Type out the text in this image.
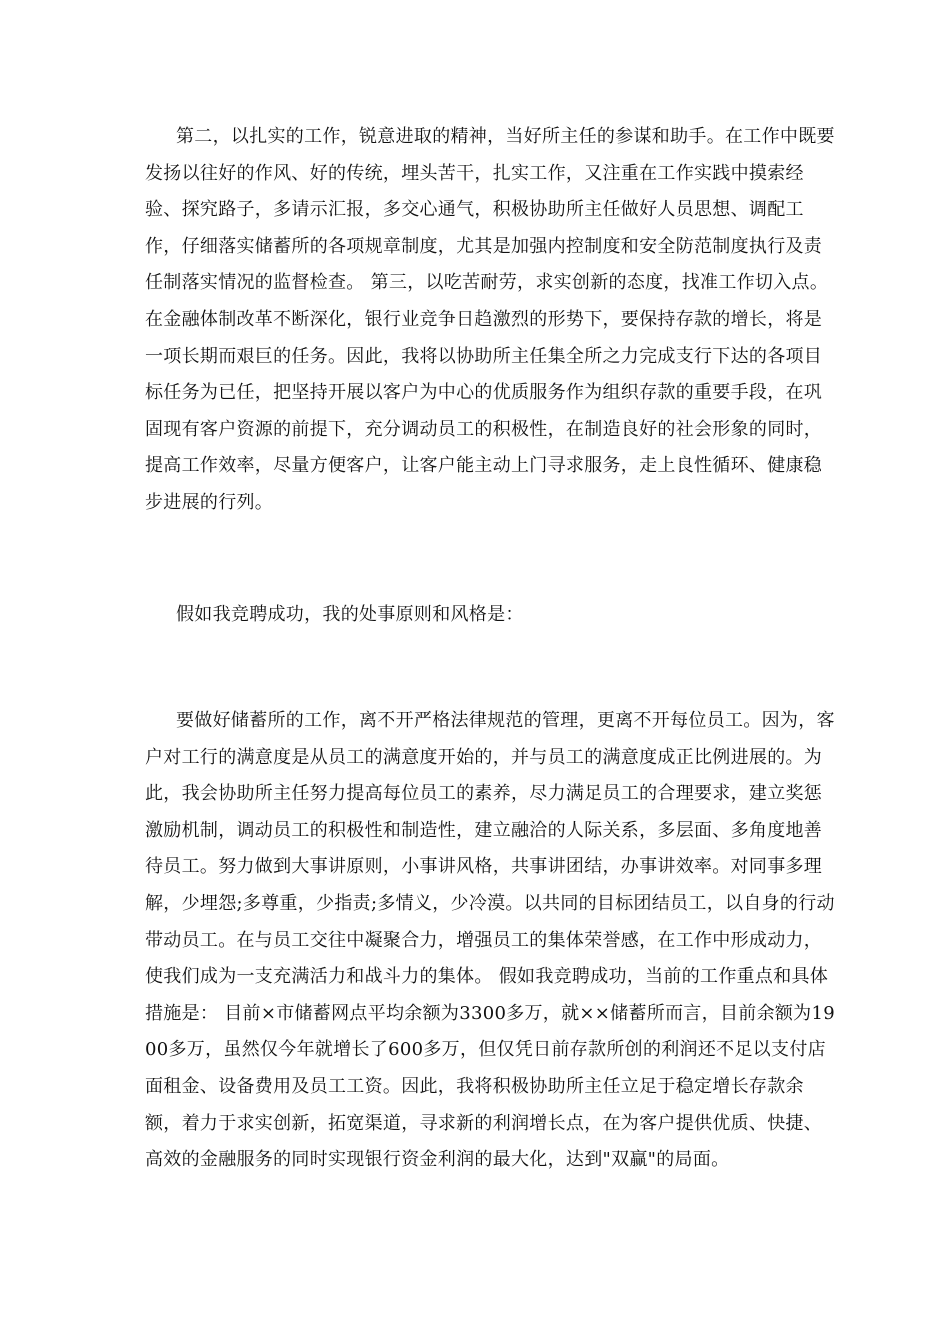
第二，以扎实的工作，锐意进取的精神，当好所主任的参谋和助手。在工作中既要发扬以往好的作风、好的传统，埋头苦干，扎实工作，又注重在工作实践中摸索经验、探究路子，多请示汇报，多交心通气，积极协助所主任做好人员思想、调配工作，仔细落实储蓄所的各项规章制度，尤其是加强内控制度和安全防范制度执行及责任制落实情况的监督检查。 第三，以吃苦耐劳，求实创新的态度，找准工作切入点。在金融体制改革不断深化，银行业竞争日趋激烈的形势下，要保持存款的增长，将是一项长期而艰巨的任务。因此，我将以协助所主任集全所之力完成支行下达的各项目标任务为已任，把坚持开展以客户为中心的优质服务作为组织存款的重要手段，在巩固现有客户资源的前提下，充分调动员工的积极性，在制造良好的社会形象的同时，提高工作效率，尽量方便客户，让客户能主动上门寻求服务，走上良性循环、健康稳步进展的行列。

假如我竞聘成功，我的处事原则和风格是：

要做好储蓄所的工作，离不开严格法律规范的管理，更离不开每位员工。因为，客户对工行的满意度是从员工的满意度开始的，并与员工的满意度成正比例进展的。为此，我会协助所主任努力提高每位员工的素养，尽力满足员工的合理要求，建立奖惩激励机制，调动员工的积极性和制造性，建立融洽的人际关系，多层面、多角度地善待员工。努力做到大事讲原则，小事讲风格，共事讲团结，办事讲效率。对同事多理解，少埋怨;多尊重，少指责;多情义，少冷漠。以共同的目标团结员工，以自身的行动带动员工。在与员工交往中凝聚合力，增强员工的集体荣誉感，在工作中形成动力，使我们成为一支充满活力和战斗力的集体。 假如我竞聘成功，当前的工作重点和具体措施是： 目前×市储蓄网点平均余额为3300多万，就××储蓄所而言，目前余额为1900多万，虽然仅今年就增长了600多万，但仅凭日前存款所创的利润还不足以支付店面租金、设备费用及员工工资。因此，我将积极协助所主任立足于稳定增长存款余额，着力于求实创新，拓宽渠道，寻求新的利润增长点，在为客户提供优质、快捷、高效的金融服务的同时实现银行资金利润的最大化，达到"双赢"的局面。
